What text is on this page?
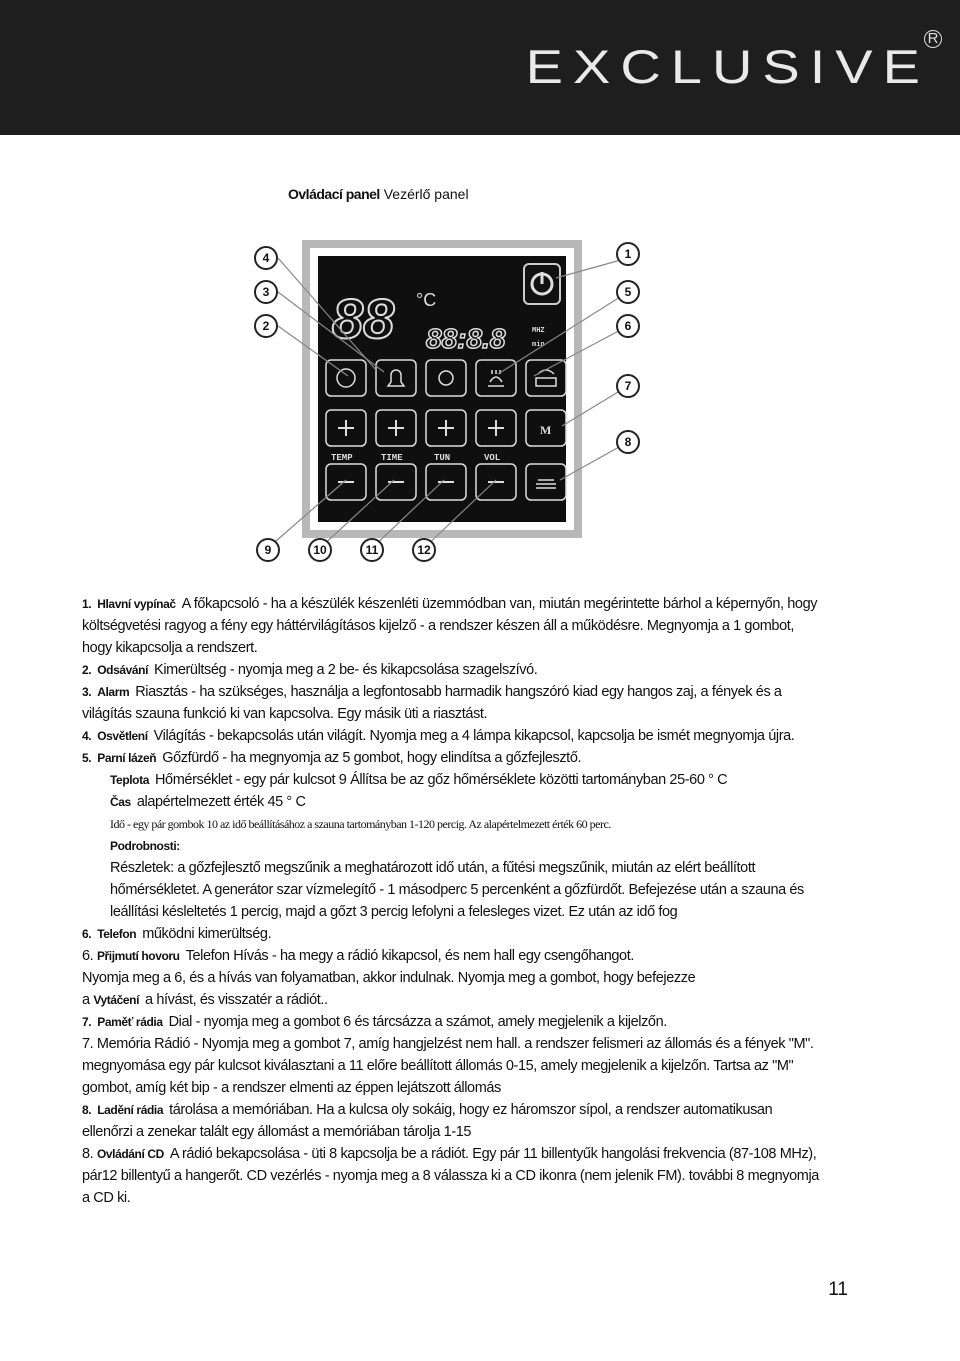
EXCLUSIVE
R
Ovládací panel Vezérlő panel
88 °C
88:8.8	MHZ
min
M
TEMP	TIME	TUN	VOL
1
2
3
4
5
6
7
8
9	10	11	12

1. Hlavní vypínač A főkapcsoló - ha a készülék készenléti üzemmódban van, miután megérintette bárhol a képernyőn, hogy költségvetési ragyog a fény egy háttérvilágításos kijelző - a rendszer készen áll a működésre. Megnyomja a 1 gombot, hogy kikapcsolja a rendszert.

2. Odsávání Kimerültség - nyomja meg a 2 be- és kikapcsolása szagelszívó.

3. Alarm Riasztás - ha szükséges, használja a legfontosabb harmadik hangszóró kiad egy hangos zaj, a fények és a világítás szauna funkció ki van kapcsolva. Egy másik üti a riasztást.

4. Osvětlení Világítás - bekapcsolás után világít. Nyomja meg a 4 lámpa kikapcsol, kapcsolja be ismét megnyomja újra.

5. Parní lázeň Gőzfürdő - ha megnyomja az 5 gombot, hogy elindítsa a gőzfejlesztő.

Teplota Hőmérséklet - egy pár kulcsot 9 Állítsa be az gőz hőmérséklete közötti tartományban 25-60 ° C

Čas alapértelmezett érték 45 ° C

Idő - egy pár gombok 10 az idő beállításához a szauna tartományban 1-120 percig. Az alapértelmezett érték 60 perc.

Podrobnosti:

Részletek: a gőzfejlesztő megszűnik a meghatározott idő után, a fűtési megszűnik, miután az elért beállított hőmérsékletet. A generátor szar vízmelegítő - 1 másodperc 5 percenként a gőzfürdőt. Befejezése után a szauna és leállítási késleltetés 1 percig, majd a gőzt 3 percig lefolyni a felesleges vizet. Ez után az idő fog

6. Telefon működni kimerültség.

6. Přijmutí hovoru Telefon Hívás - ha megy a rádió kikapcsol, és nem hall egy csengőhangot.

Nyomja meg a 6, és a hívás van folyamatban, akkor indulnak. Nyomja meg a gombot, hogy befejezze

a Vytáčení a hívást, és visszatér a rádiót..

7. Paměť rádia Dial - nyomja meg a gombot 6 és tárcsázza a számot, amely megjelenik a kijelzőn.

7. Memória Rádió - Nyomja meg a gombot 7, amíg hangjelzést nem hall. a rendszer felismeri az állomás és a fények "M". megnyomása egy pár kulcsot kiválasztani a 11 előre beállított állomás 0-15, amely megjelenik a kijelzőn. Tartsa az "M" gombot, amíg két bip - a rendszer elmenti az éppen lejátszott állomás

8. Ladění rádia tárolása a memóriában. Ha a kulcsa oly sokáig, hogy ez háromszor sípol, a rendszer automatikusan ellenőrzi a zenekar talált egy állomást a memóriában tárolja 1-15

8. Ovládání CD A rádió bekapcsolása - üti 8 kapcsolja be a rádiót. Egy pár 11 billentyűk hangolási frekvencia (87-108 MHz), pár12 billentyű a hangerőt. CD vezérlés - nyomja meg a 8 válassza ki a CD ikonra (nem jelenik FM). további 8 megnyomja a CD ki.

11
